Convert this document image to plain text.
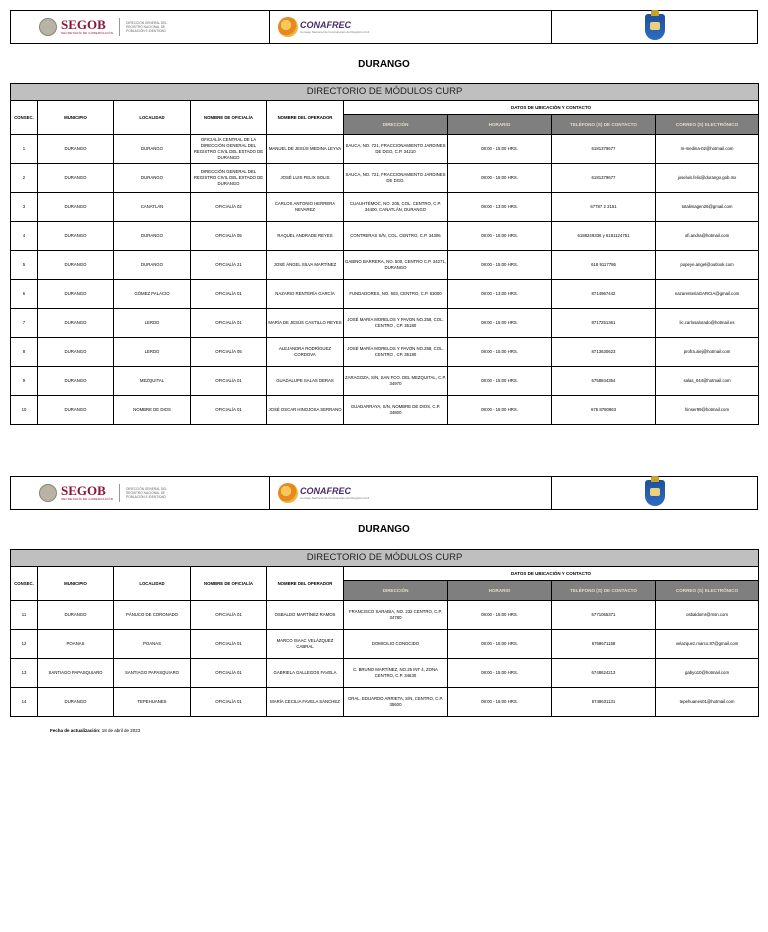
SEGOB
SECRETARÍA DE GOBERNACIÓN
DIRECCIÓN GENERAL DEL REGISTRO NACIONAL DE POBLACIÓN E IDENTIDAD
CONAFREC
Consejo Nacional de Funcionarios del Registro Civil
DURANGO
DIRECTORIO DE MÓDULOS CURP								
CONSEC.	MUNICIPIO	LOCALIDAD	NOMBRE DE OFICIALÍA	NOMBRE DEL OPERADOR	DATOS DE UBICACIÓN Y CONTACTO			
					DIRECCIÓN	HORARIO	TELÉFONO (S) DE CONTACTO	CORREO (S) ELECTRÓNICO
1	DURANGO	DURANGO	OFICIALÍA CENTRAL DE LA DIRECCIÓN GENERAL DEL REGISTRO CIVIL DEL ESTADO DE DURANGO	MANUEL DE JESÚS MEDINA LEYVA	SAUCA, NO. 721, FRACCIONAMIENTO JARDINES DE DGO, C.P. 34210	08:00 - 15:00 HRS.	6181379677	m-medina-02@hotmail.com
2	DURANGO	DURANGO	DIRECCIÓN GENERAL DEL REGISTRO CIVIL DEL ESTADO DE DURANGO	JOSÉ LUIS FELIX SOLIS	SAUCA, NO. 721, FRACCIONAMIENTO JARDINES DE DGO.	08:00 - 15:00 HRS.	6181379677	joseluis.felix@durango.gob.mx
3	DURANGO	CANATLÁN	OFICIALÍA 02	CARLOS ANTONIO HERRERA NEVAREZ	CUAUHTÉMOC, NO. 205, COL. CENTRO, C.P. 34400, CANATLÁN, DURANGO	08:00 - 13:00 HRS.	67787 2 2151	totalimagen26@gmail.com
4	DURANGO	DURANGO	OFICIALÍA 05	RAQUEL ANDRADE REYES	CONTRERAS S/N, COL. CENTRO, C.P. 34306	08:00 - 15:00 HRS.	6188249336 y 6181124751	ofi.andra@hotmail.com
5	DURANGO	DURANGO	OFICIALÍA 21	JOSÉ ÁNGEL SILVA MARTÍNEZ	GABINO BARRERA, NO. 500, CENTRO C.P. 34271, DURANGO	08:00 - 15:00 HRS.	618 9117786	popeye.angel@outlook.com
6	DURANGO	GÓMEZ PALACIO	OFICIALÍA 01	NAZARIO RENTERÍA GARCÍA	FUNDADORES, NO. 503, CENTRO, C.P. 53000	08:00 - 13:00 HRS.	8714967442	nazarenteriaGARCIA@gmail.com
7	DURANGO	LERDO	OFICIALÍA 01	MARÍA DE JESÚS CASTILLO REYES	JOSÉ MARÍA MORELOS Y PAVON NO.258, COL. CENTRO , CP. 35180	08:00 - 15:00 HRS.	8717251361	lic.carlosalorado@hotmail.es
8	DURANGO	LERDO	OFICIALÍA 05	ALEJANDRA RODRÍGUEZ CORDOVA	JOSÉ MARÍA MORELOS Y PAVON NO.258, COL. CENTRO , CP. 35180	08:00 - 15:00 HRS.	8713630623	profra.alej@hotmail.com
9	DURANGO	MEZQUITAL	OFICIALÍA 01	GUADALUPE SALAS DERAS	ZARAGOZA, S/N, SAN FCO. DEL MEZQUITAL, C.P. 34970	08:00 - 15:00 HRS.	6758844354	salas_044@hotmail.com
10	DURANGO	NOMBRE DE DIOS	OFICIALÍA 01	JOSÉ OSCAR HINOJOSA SERRANO	GUADARRAYA, S/N, NOMBRE DE DIOS, C.P. 34800	08:00 - 15:00 HRS.	675 8780963	hinser99@hotmail.com
SEGOB
SECRETARÍA DE GOBERNACIÓN
DIRECCIÓN GENERAL DEL REGISTRO NACIONAL DE POBLACIÓN E IDENTIDAD
CONAFREC
Consejo Nacional de Funcionarios del Registro Civil
DURANGO
DIRECTORIO DE MÓDULOS CURP								
CONSEC.	MUNICIPIO	LOCALIDAD	NOMBRE DE OFICIALÍA	NOMBRE DEL OPERADOR	DATOS DE UBICACIÓN Y CONTACTO			
					DIRECCIÓN	HORARIO	TELÉFONO (S) DE CONTACTO	CORREO (S) ELECTRÓNICO
11	DURANGO	PÁNUCO DE CORONADO	OFICIALÍA 01	OSBALDO MARTÍNEZ RAMOS	FRANCISCO SARABIA, NO. 232 CENTRO, C.P. 34780	08:00 - 15:00 HRS.	6771065371	osbaldomr@msn.com
12	POANAS	POANAS	OFICIALÍA 01	MARCO ISAAC VELÁZQUEZ CABRAL	DOMICILIO CONOCIDO	08:00 - 15:00 HRS.	6758671158	velazquez.marco.87@gmail.com
13	SANTIAGO PAPASQUIARO	SANTIAGO PAPASQUIARO	OFICIALÍA 01	GABRIELA GALLEGOS FAVELA	C. BRUNO MARTÍNEZ, NO.25 INT 4, ZONA CENTRO, C.P. 34630	08:00 - 15:00 HRS.	6748624213	gabyo10@hotmail.com
14	DURANGO	TEPEHUANES	OFICIALÍA 01	MARÍA CECILIA FAVELA SÁNCHEZ	GRAL. EDUARDO ARRIETA, S/N, CENTRO, C.P. 35600	08:00 - 15:00 HRS.	6748631131	tepehuanes01@hotmail.com
Fecha de actualización: 18 de abril de 2023
